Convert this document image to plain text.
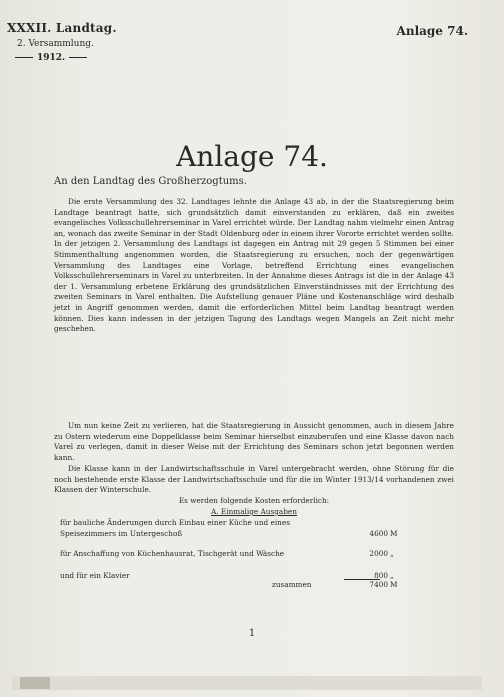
XXXII. Landtag.
2. Versammlung.
1912.
Anlage 74.
Anlage 74.
An den Landtag des Großherzogtums.

Die erste Versammlung des 32. Landtages lehnte die Anlage 43 ab, in der die Staatsregierung beim Landtage beantragt hatte, sich grundsätzlich damit einverstanden zu erklären, daß ein zweites evangelisches Volksschullehrerseminar in Varel errichtet würde. Der Landtag nahm vielmehr einen Antrag an, wonach das zweite Seminar in der Stadt Oldenburg oder in einem ihrer Vororte errichtet werden sollte. In der jetzigen 2. Versammlung des Landtags ist dagegen ein Antrag mit 29 gegen 5 Stimmen bei einer Stimmenthaltung angenommen worden, die Staatsregierung zu ersuchen, noch der gegenwärtigen Versammlung des Landtages eine Vorlage, betreffend Errichtung eines evangelischen Volksschullehrerseminars in Varel zu unterbreiten. In der Annahme dieses Antrags ist die in der Anlage 43 der 1. Versammlung erbetene Erklärung des grundsätzlichen Einverständnisses mit der Errichtung des zweiten Seminars in Varel enthalten. Die Aufstellung genauer Pläne und Kostenanschläge wird deshalb jetzt in Angriff genommen werden, damit die erforderlichen Mittel beim Landtag beantragt werden können. Dies kann indessen in der jetzigen Tagung des Landtags wegen Mangels an Zeit nicht mehr geschehen.

Um nun keine Zeit zu verlieren, hat die Staatsregierung in Aussicht genommen, auch in diesem Jahre zu Ostern wiederum eine Doppelklasse beim Seminar hierselbst einzuberufen und eine Klasse davon nach Varel zu verlegen, damit in dieser Weise mit der Errichtung des Seminars schon jetzt begonnen werden kann.

Die Klasse kann in der Landwirtschaftsschule in Varel untergebracht werden, ohne Störung für die noch bestehende erste Klasse der Landwirtschaftsschule und für die im Winter 1913/14 vorhandenen zwei Klassen der Winterschule.

Es werden folgende Kosten erforderlich:
A. Einmalige Ausgaben
für bauliche Änderungen durch Einbau einer Küche und eines Speisezimmers im Untergeschoß	4600 M
für Anschaffung von Küchenhausrat, Tischgerät und Wäsche	2000 „
und für ein Klavier	800 „
zusammen	7400 M
1
